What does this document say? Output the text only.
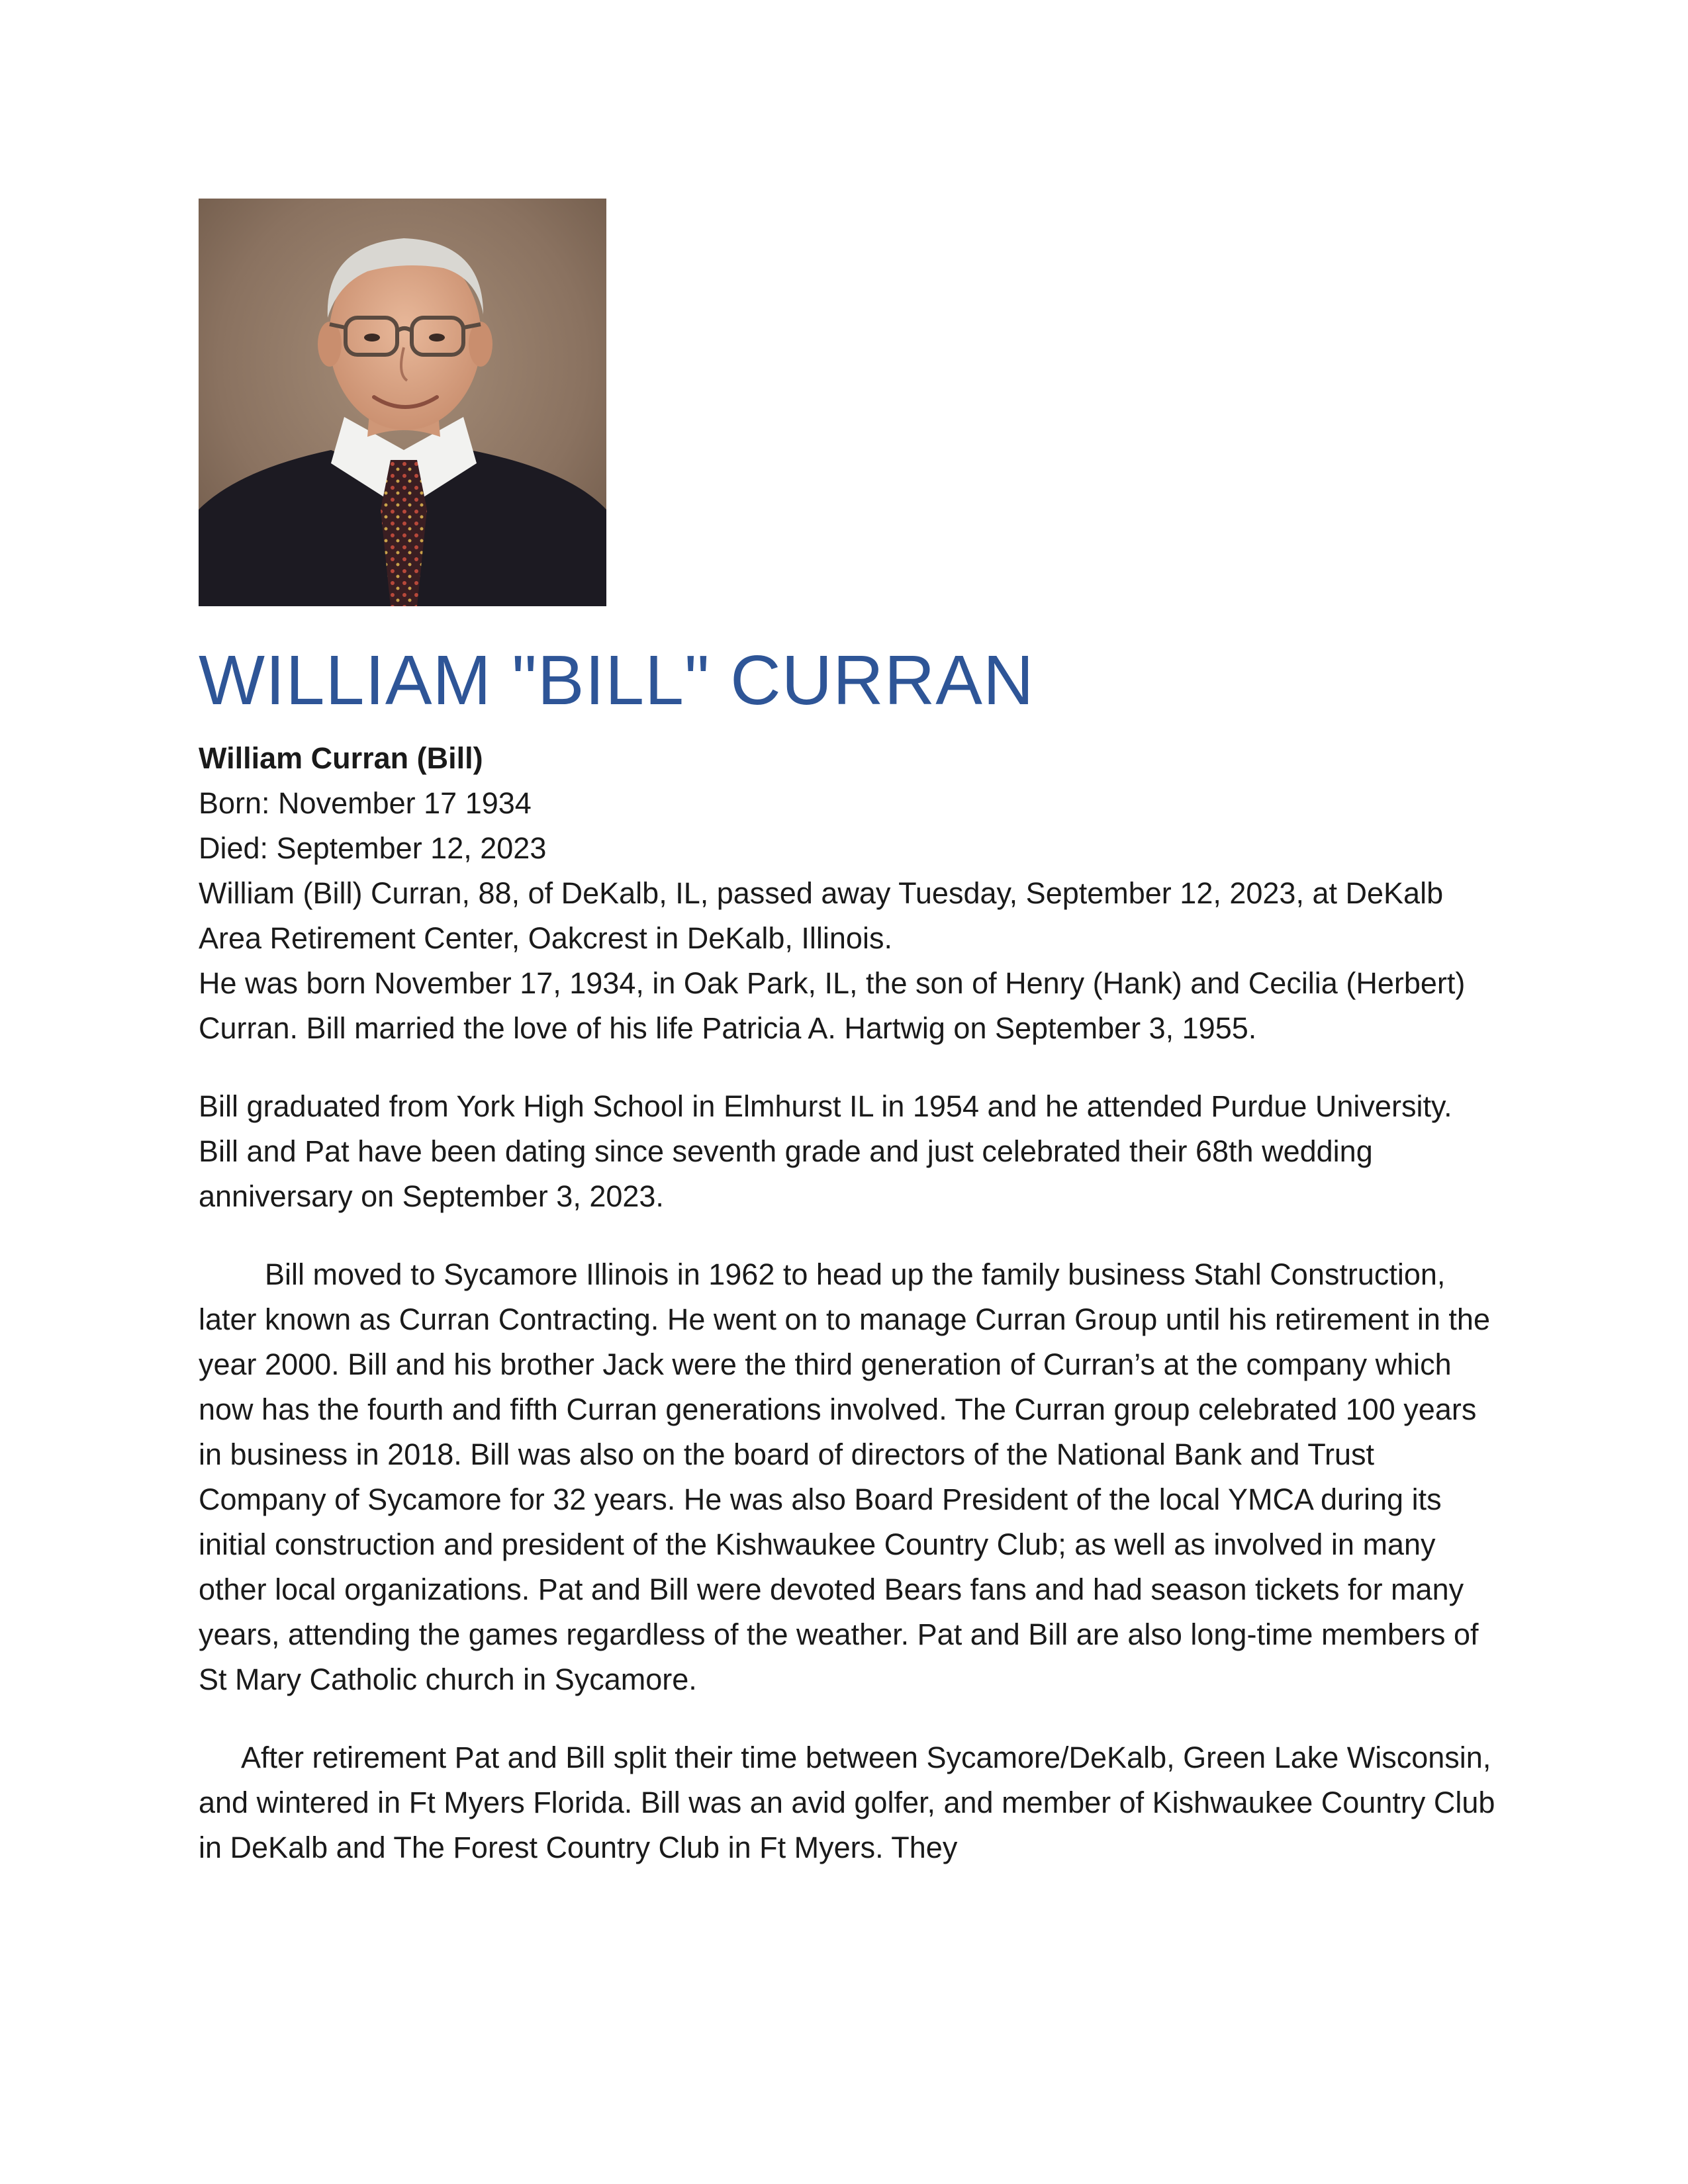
WILLIAM "BILL" CURRAN

William Curran (Bill)

Born: November 17 1934

Died: September 12, 2023

William (Bill) Curran, 88, of DeKalb, IL, passed away Tuesday, September 12, 2023, at DeKalb Area Retirement Center, Oakcrest in DeKalb, Illinois.

He was born November 17, 1934, in Oak Park, IL, the son of Henry (Hank) and Cecilia (Herbert) Curran. Bill married the love of his life Patricia A. Hartwig on September 3, 1955.

Bill graduated from York High School in Elmhurst IL in 1954 and he attended Purdue University. Bill and Pat have been dating since seventh grade and just celebrated their 68th wedding anniversary on September 3, 2023.

Bill moved to Sycamore Illinois in 1962 to head up the family business Stahl Construction, later known as Curran Contracting. He went on to manage Curran Group until his retirement in the year 2000. Bill and his brother Jack were the third generation of Curran’s at the company which now has the fourth and fifth Curran generations involved. The Curran group celebrated 100 years in business in 2018. Bill was also on the board of directors of the National Bank and Trust Company of Sycamore for 32 years. He was also Board President of the local YMCA during its initial construction and president of the Kishwaukee Country Club; as well as involved in many other local organizations. Pat and Bill were devoted Bears fans and had season tickets for many years, attending the games regardless of the weather. Pat and Bill are also long-time members of St Mary Catholic church in Sycamore.

After retirement Pat and Bill split their time between Sycamore/DeKalb, Green Lake Wisconsin, and wintered in Ft Myers Florida. Bill was an avid golfer, and member of Kishwaukee Country Club in DeKalb and The Forest Country Club in Ft Myers. They
